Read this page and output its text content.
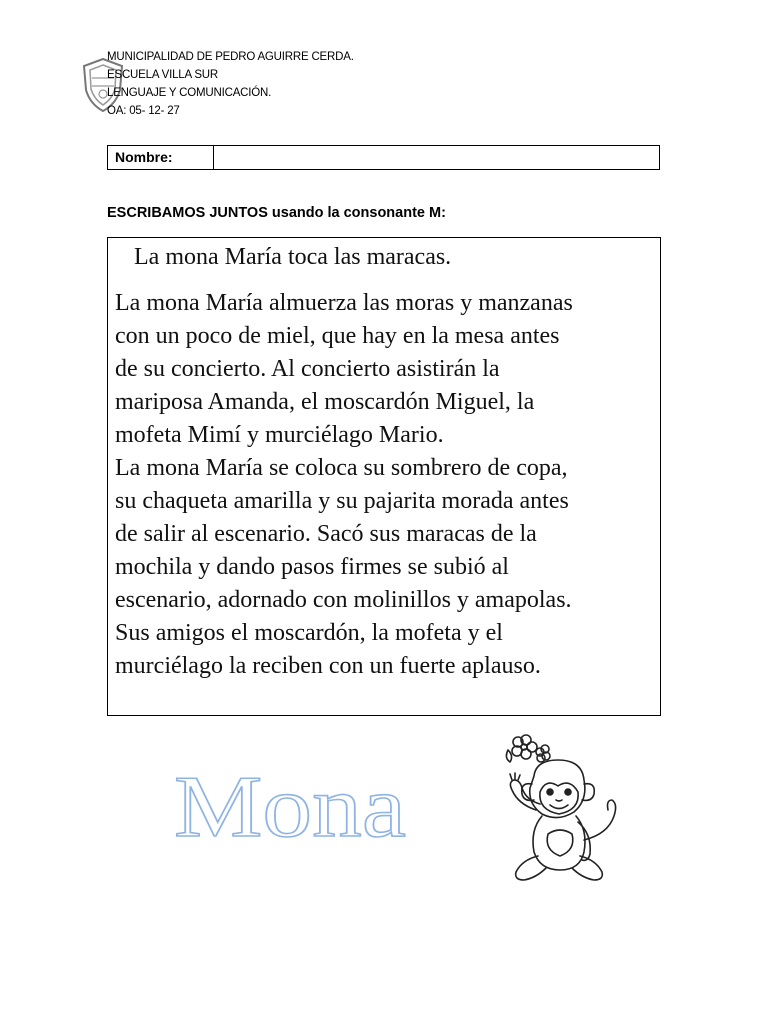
MUNICIPALIDAD DE PEDRO AGUIRRE CERDA.
ESCUELA VILLA SUR
LENGUAJE Y COMUNICACIÓN.
OA: 05- 12- 27
Nombre:
ESCRIBAMOS JUNTOS usando la consonante M:
La mona María toca las maracas.
La mona María almuerza las moras y manzanas
con un poco de miel, que hay en la mesa antes
de su concierto. Al concierto asistirán la
mariposa Amanda, el moscardón Miguel, la
mofeta Mimí y murciélago Mario.
La mona María se coloca su sombrero de copa,
su chaqueta amarilla y su pajarita morada antes
de salir al escenario. Sacó sus maracas de la
mochila y dando pasos firmes se subió al
escenario, adornado con molinillos y amapolas.
Sus amigos el moscardón, la mofeta y el
murciélago la reciben con un fuerte aplauso.
Mona
